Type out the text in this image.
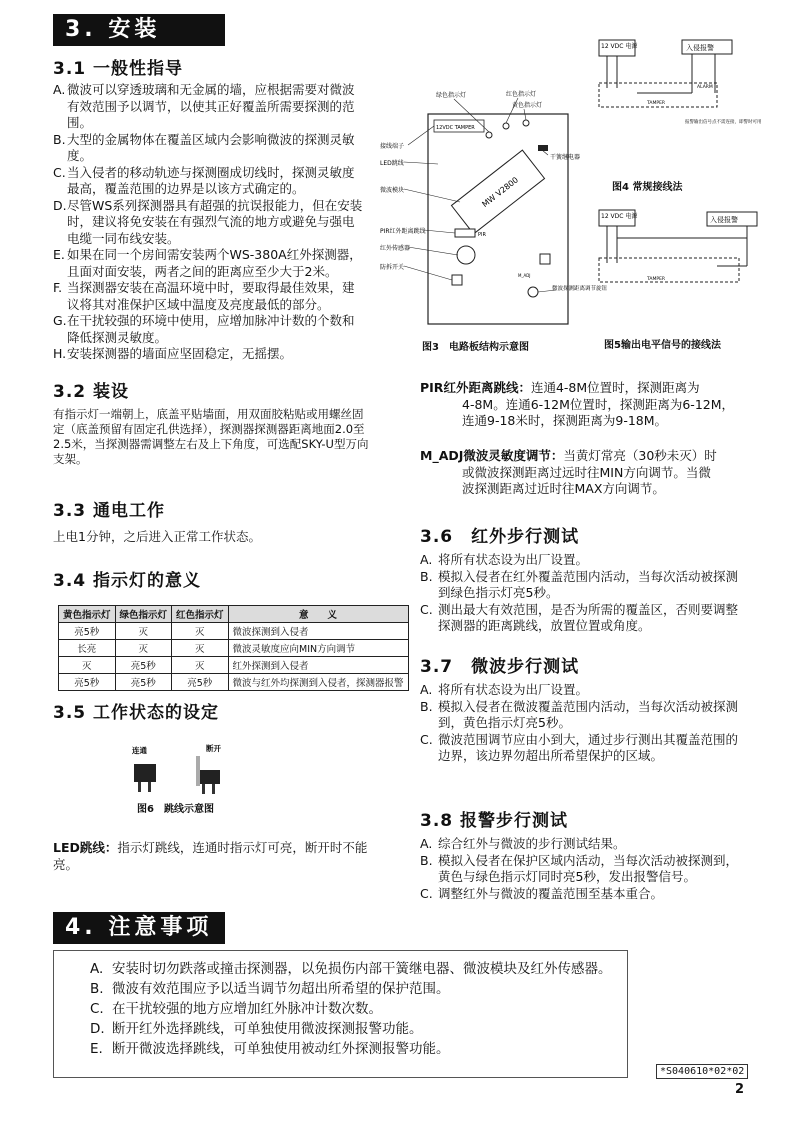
3. 安装
3.1 一般性指导
A. 微波可以穿透玻璃和无金属的墙，应根据需要对微波有效范围予以调节，以使其正好覆盖所需要探测的范围。
B. 大型的金属物体在覆盖区域内会影响微波的探测灵敏度。
C. 当入侵者的移动轨迹与探测圈成切线时，探测灵敏度最高，覆盖范围的边界是以该方式确定的。
D. 尽管WS系列探测器具有超强的抗误报能力，但在安装时，建议将免安装在有强烈气流的地方或避免与强电电缆一同布线安装。
E. 如果在同一个房间需安装两个WS-380A红外探测器，且面对面安装，两者之间的距离应至少大于2米。
F. 当探测器安装在高温环境中时，要取得最佳效果，建议将其对准保护区域中温度及亮度最低的部分。
G. 在干扰较强的环境中使用，应增加脉冲计数的个数和降低探测灵敏度。
H. 安装探测器的墙面应坚固稳定，无摇摆。
12VDC TAMPER
MW V2800
PIR
M_ADJ
绿色指示灯	红色指示灯
黄色指示灯
接线端子
LED跳线
微波模块
PIR红外距离跳线
红外传感器
防拆开关
干簧继电器
微波探测距离调节旋钮
图3　电路板结构示意图
12 VDC 电源	入侵报警
TAMPER
ALARM
报警输出信号点不需连接，即警时可用
图4 常规接线法
12 VDC 电源	入侵报警
TAMPER
图5输出电平信号的接线法
3.2 装设
有指示灯一端朝上，底盖平贴墙面，用双面胶粘贴或用螺丝固定（底盖预留有固定孔供选择），探测器探测器距离地面2.0至2.5米，当探测器需调整左右及上下角度，可选配SKY-U型万向支架。
3.3 通电工作
上电1分钟，之后进入正常工作状态。
3.4 指示灯的意义
黄色指示灯	绿色指示灯	红色指示灯	意　　义
亮5秒	灭	灭	微波探测到入侵者
长亮	灭	灭	微波灵敏度应向MIN方向调节
灭	亮5秒	灭	红外探测到入侵者
亮5秒	亮5秒	亮5秒	微波与红外均探测到入侵者，探测器报警
3.5 工作状态的设定
连通	断开
图6　跳线示意图
LED跳线：指示灯跳线，连通时指示灯可亮，断开时不能亮。
PIR红外距离跳线：连通4-8M位置时，探测距离为
4-8M。连通6-12M位置时，探测距离为6-12M，
连通9-18米时，探测距离为9-18M。
M_ADJ微波灵敏度调节：当黄灯常亮（30秒未灭）时
或微波探测距离过远时往MIN方向调节。当微
波探测距离过近时往MAX方向调节。
3.6　红外步行测试
A. 将所有状态设为出厂设置。
B. 模拟入侵者在红外覆盖范围内活动，当每次活动被探测到绿色指示灯亮5秒。
C. 测出最大有效范围，是否为所需的覆盖区，否则要调整探测器的距离跳线，放置位置或角度。
3.7　微波步行测试
A. 将所有状态设为出厂设置。
B. 模拟入侵者在微波覆盖范围内活动，当每次活动被探测到，黄色指示灯亮5秒。
C. 微波范围调节应由小到大，通过步行测出其覆盖范围的边界，该边界勿超出所希望保护的区域。
3.8 报警步行测试
A. 综合红外与微波的步行测试结果。
B. 模拟入侵者在保护区域内活动，当每次活动被探测到，黄色与绿色指示灯同时亮5秒，发出报警信号。
C. 调整红外与微波的覆盖范围至基本重合。
4. 注意事项
A. 安装时切勿跌落或撞击探测器，以免损伤内部干簧继电器、微波模块及红外传感器。
B. 微波有效范围应予以适当调节勿超出所希望的保护范围。
C. 在干扰较强的地方应增加红外脉冲计数次数。
D. 断开红外选择跳线，可单独使用微波探测报警功能。
E. 断开微波选择跳线，可单独使用被动红外探测报警功能。
*S040610*02*02
2
